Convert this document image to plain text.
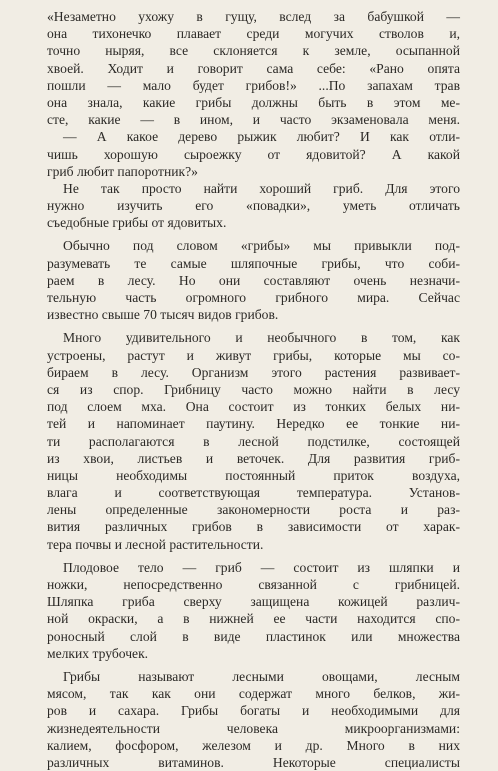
«Незаметно ухожу в гущу, вслед за бабушкой —
она тихонечко плавает среди могучих стволов и,
точно ныряя, все склоняется к земле, осыпанной
хвоей. Ходит и говорит сама себе: «Рано опята
пошли — мало будет грибов!» ...По запахам трав
она знала, какие грибы должны быть в этом ме-
сте, какие — в ином, и часто экзаменовала меня.
— А какое дерево рыжик любит? И как отли-
чишь хорошую сыроежку от ядовитой? А какой
гриб любит папоротник?»
Не так просто найти хороший гриб. Для этого
нужно изучить его «повадки», уметь отличать
съедобные грибы от ядовитых.
Обычно под словом «грибы» мы привыкли под-
разумевать те самые шляпочные грибы, что соби-
раем в лесу. Но они составляют очень незначи-
тельную часть огромного грибного мира. Сейчас
известно свыше 70 тысяч видов грибов.
Много удивительного и необычного в том, как
устроены, растут и живут грибы, которые мы со-
бираем в лесу. Организм этого растения развивает-
ся из спор. Грибницу часто можно найти в лесу
под слоем мха. Она состоит из тонких белых ни-
тей и напоминает паутину. Нередко ее тонкие ни-
ти располагаются в лесной подстилке, состоящей
из хвои, листьев и веточек. Для развития гриб-
ницы необходимы постоянный приток воздуха,
влага и соответствующая температура. Установ-
лены определенные закономерности роста и раз-
вития различных грибов в зависимости от харак-
тера почвы и лесной растительности.
Плодовое тело — гриб — состоит из шляпки и
ножки, непосредственно связанной с грибницей.
Шляпка гриба сверху защищена кожицей различ-
ной окраски, а в нижней ее части находится спо-
роносный слой в виде пластинок или множества
мелких трубочек.
Грибы называют лесными овощами, лесным
мясом, так как они содержат много белков, жи-
ров и сахара. Грибы богаты и необходимыми для
жизнедеятельности человека микроорганизмами:
калием, фосфором, железом и др. Много в них
различных витаминов. Некоторые специалисты
